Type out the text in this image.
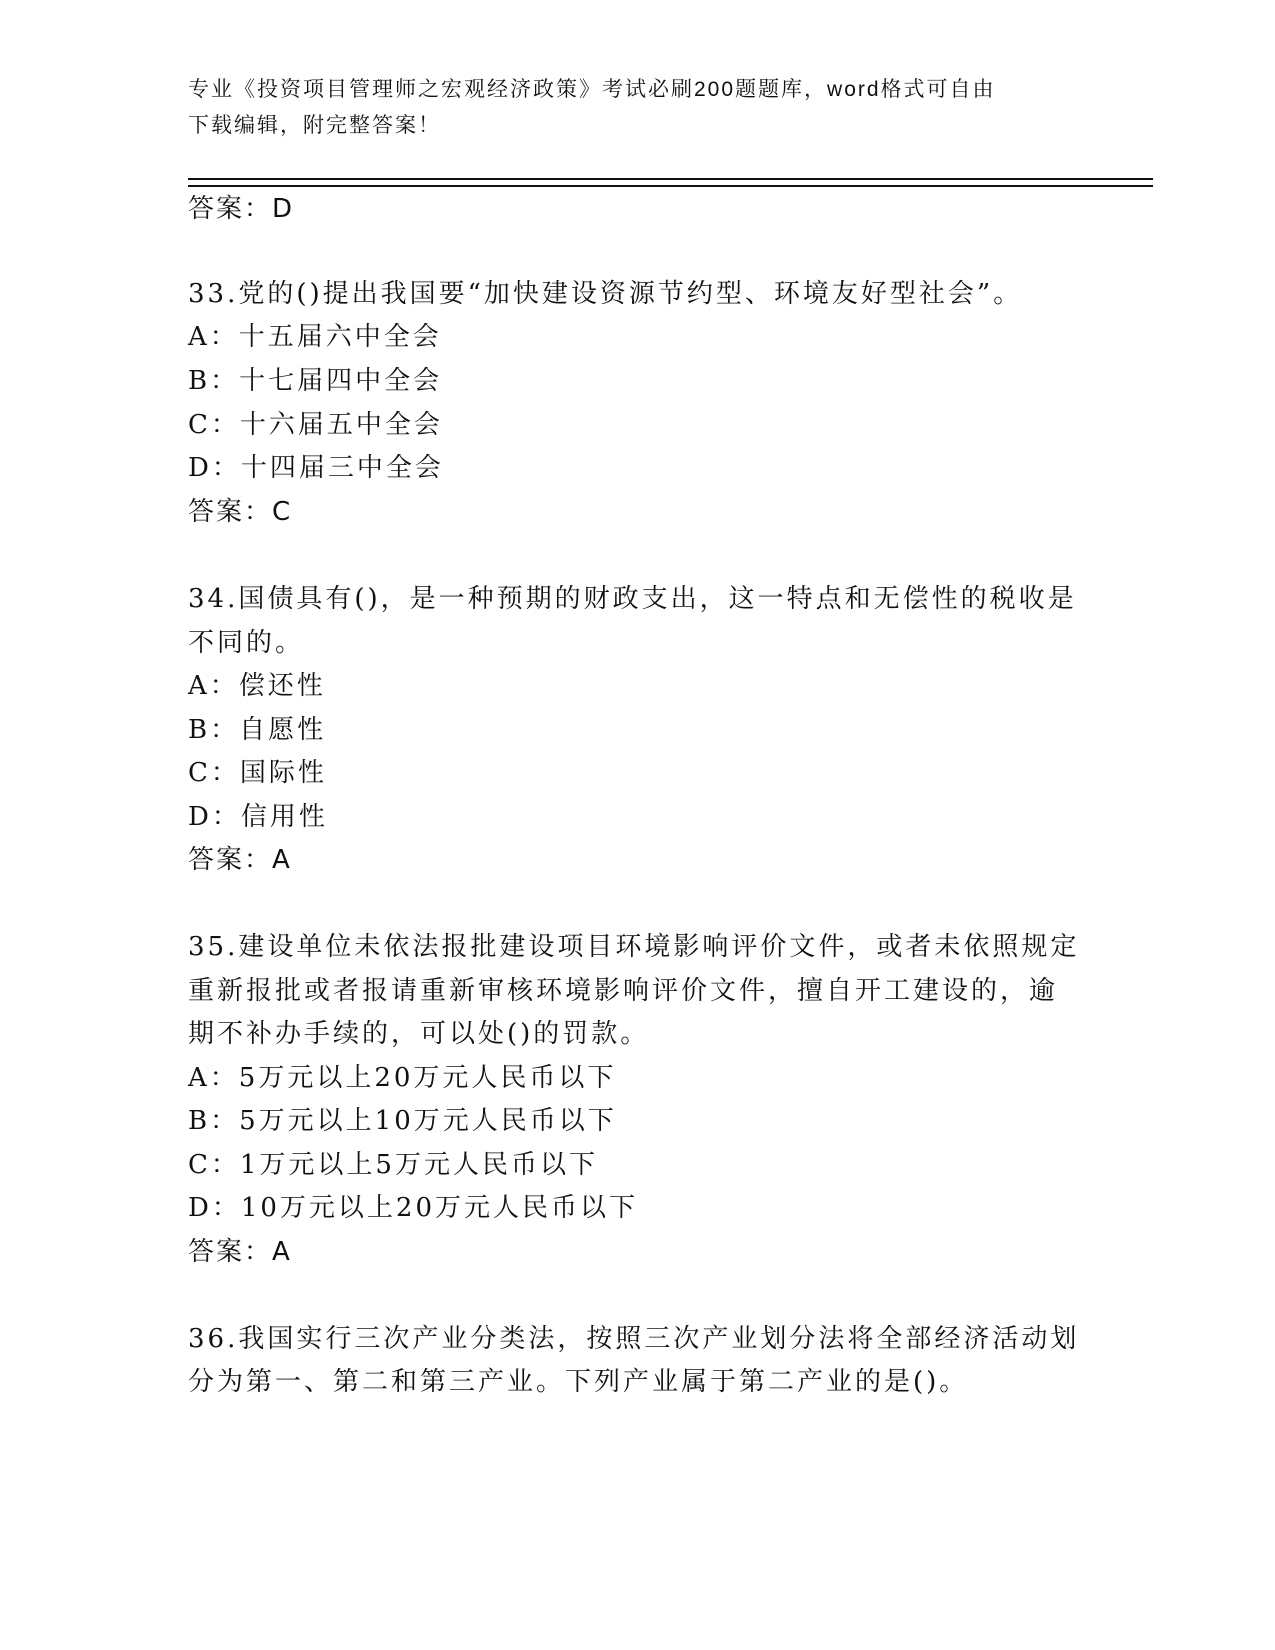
专业《投资项目管理师之宏观经济政策》考试必刷200题题库，word格式可自由
下载编辑，附完整答案！
答案：D
33.党的()提出我国要“加快建设资源节约型、环境友好型社会”。
A：十五届六中全会
B：十七届四中全会
C：十六届五中全会
D：十四届三中全会
答案：C
34.国债具有()，是一种预期的财政支出，这一特点和无偿性的税收是
不同的。
A：偿还性
B：自愿性
C：国际性
D：信用性
答案：A
35.建设单位未依法报批建设项目环境影响评价文件，或者未依照规定
重新报批或者报请重新审核环境影响评价文件，擅自开工建设的，逾
期不补办手续的，可以处()的罚款。
A：5万元以上20万元人民币以下
B：5万元以上10万元人民币以下
C：1万元以上5万元人民币以下
D：10万元以上20万元人民币以下
答案：A
36.我国实行三次产业分类法，按照三次产业划分法将全部经济活动划
分为第一、第二和第三产业。下列产业属于第二产业的是()。
